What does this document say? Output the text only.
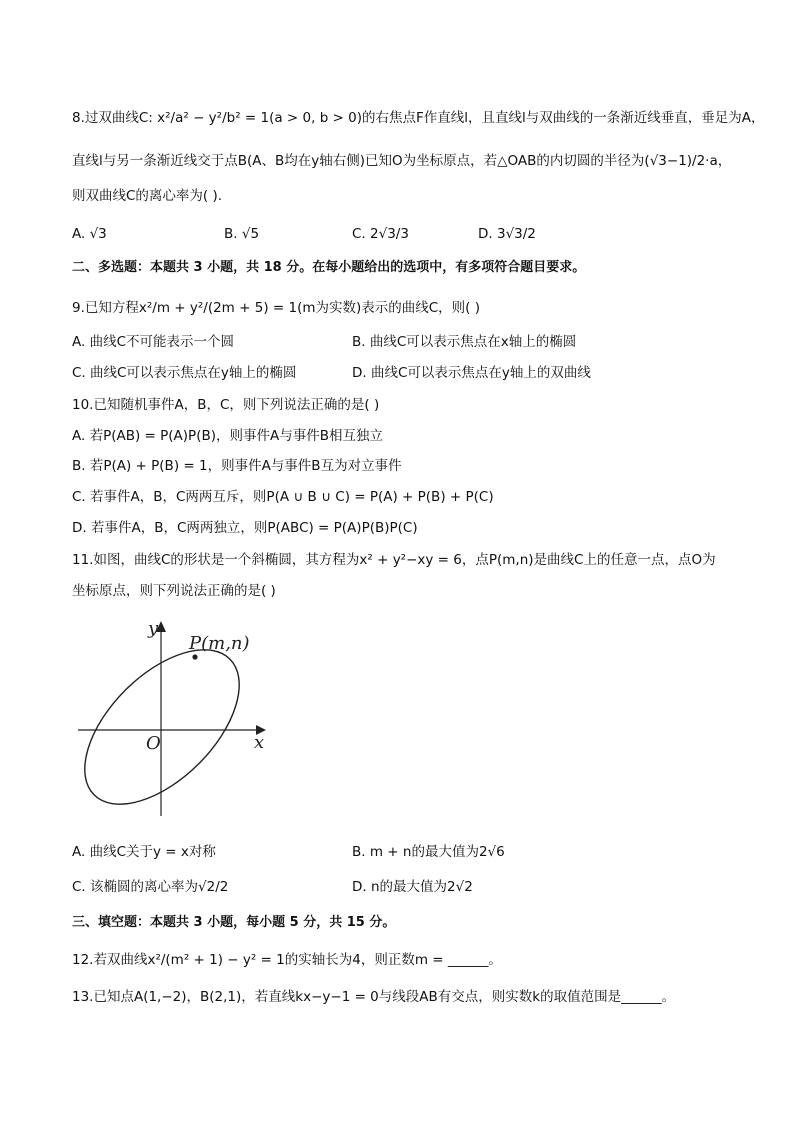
8.过双曲线C: x²/a² − y²/b² = 1(a > 0, b > 0)的右焦点F作直线l，且直线l与双曲线的一条渐近线垂直，垂足为A，
直线l与另一条渐近线交于点B(A、B均在y轴右侧)已知O为坐标原点，若△OAB的内切圆的半径为(√3−1)/2·a，
则双曲线C的离心率为( ).
A. √3	B. √5	C. 2√3/3	D. 3√3/2
二、多选题：本题共 3 小题，共 18 分。在每小题给出的选项中，有多项符合题目要求。
9.已知方程x²/m + y²/(2m + 5) = 1(m为实数)表示的曲线C，则( )
A. 曲线C不可能表示一个圆	B. 曲线C可以表示焦点在x轴上的椭圆
C. 曲线C可以表示焦点在y轴上的椭圆	D. 曲线C可以表示焦点在y轴上的双曲线
10.已知随机事件A，B，C，则下列说法正确的是( )
A. 若P(AB) = P(A)P(B)，则事件A与事件B相互独立
B. 若P(A) + P(B) = 1，则事件A与事件B互为对立事件
C. 若事件A，B，C两两互斥，则P(A ∪ B ∪ C) = P(A) + P(B) + P(C)
D. 若事件A，B，C两两独立，则P(ABC) = P(A)P(B)P(C)
11.如图，曲线C的形状是一个斜椭圆，其方程为x² + y²−xy = 6，点P(m,n)是曲线C上的任意一点，点O为
坐标原点，则下列说法正确的是( )
y
x
O
P(m,n)
A. 曲线C关于y = x对称	B. m + n的最大值为2√6
C. 该椭圆的离心率为√2/2	D. n的最大值为2√2
三、填空题：本题共 3 小题，每小题 5 分，共 15 分。
12.若双曲线x²/(m² + 1) − y² = 1的实轴长为4，则正数m = ______。
13.已知点A(1,−2)，B(2,1)，若直线kx−y−1 = 0与线段AB有交点，则实数k的取值范围是______。
